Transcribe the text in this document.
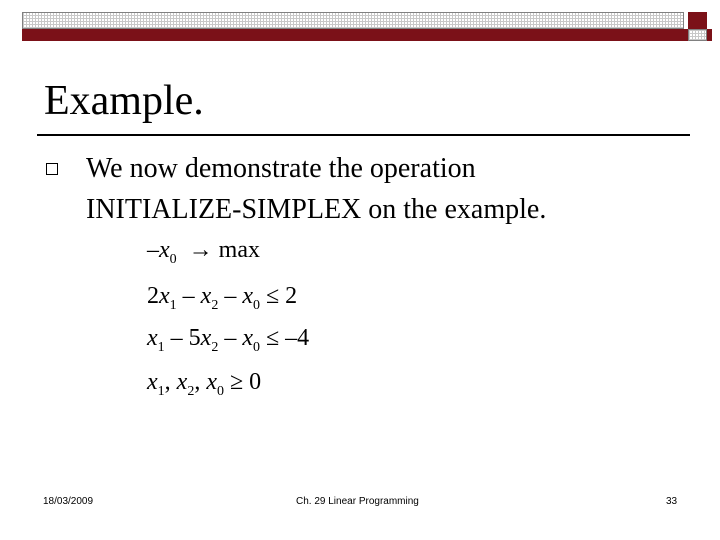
Example.
We now demonstrate the operation
INITIALIZE-SIMPLEX on the example.
$-x_0 \to \max$
$2x_1 - x_2 - x_0 \le 2$
$x_1 - 5x_2 - x_0 \le -4$
$x_1$, $x_2$, $x_0 \ge 0$
18/03/2009	Ch. 29 Linear Programming	33
